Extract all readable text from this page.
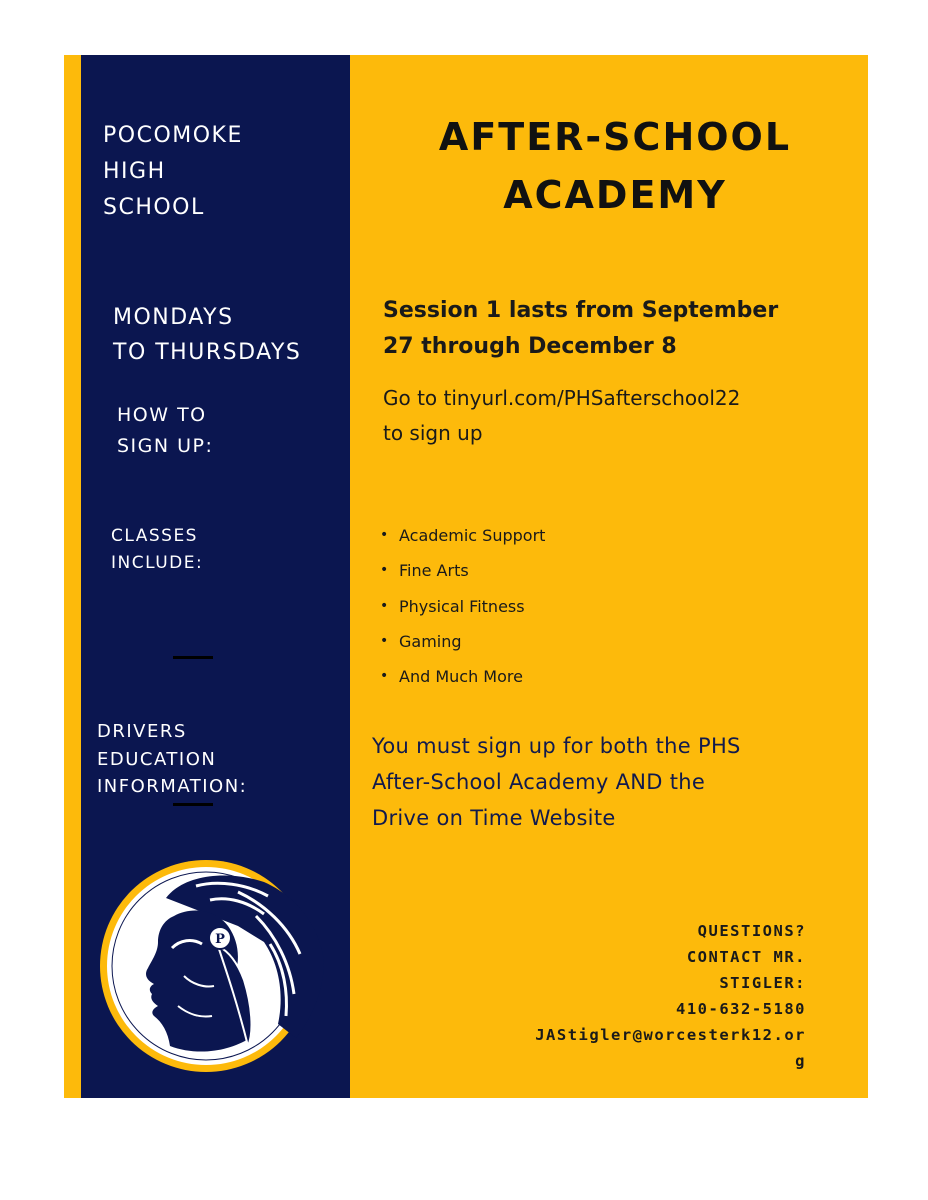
POCOMOKE
HIGH
SCHOOL
MONDAYS
TO THURSDAYS
HOW TO
SIGN UP:
CLASSES
INCLUDE:
DRIVERS
EDUCATION
INFORMATION:
AFTER-SCHOOL
ACADEMY
Session 1 lasts from September
27 through December 8
Go to tinyurl.com/PHSafterschool22
to sign up
• Academic Support
• Fine Arts
• Physical Fitness
• Gaming
• And Much More
You must sign up for both the PHS
After-School Academy AND the
Drive on Time Website
QUESTIONS?
CONTACT MR.
STIGLER:
410-632-5180
JAStigler@worcesterk12.or
g
P
